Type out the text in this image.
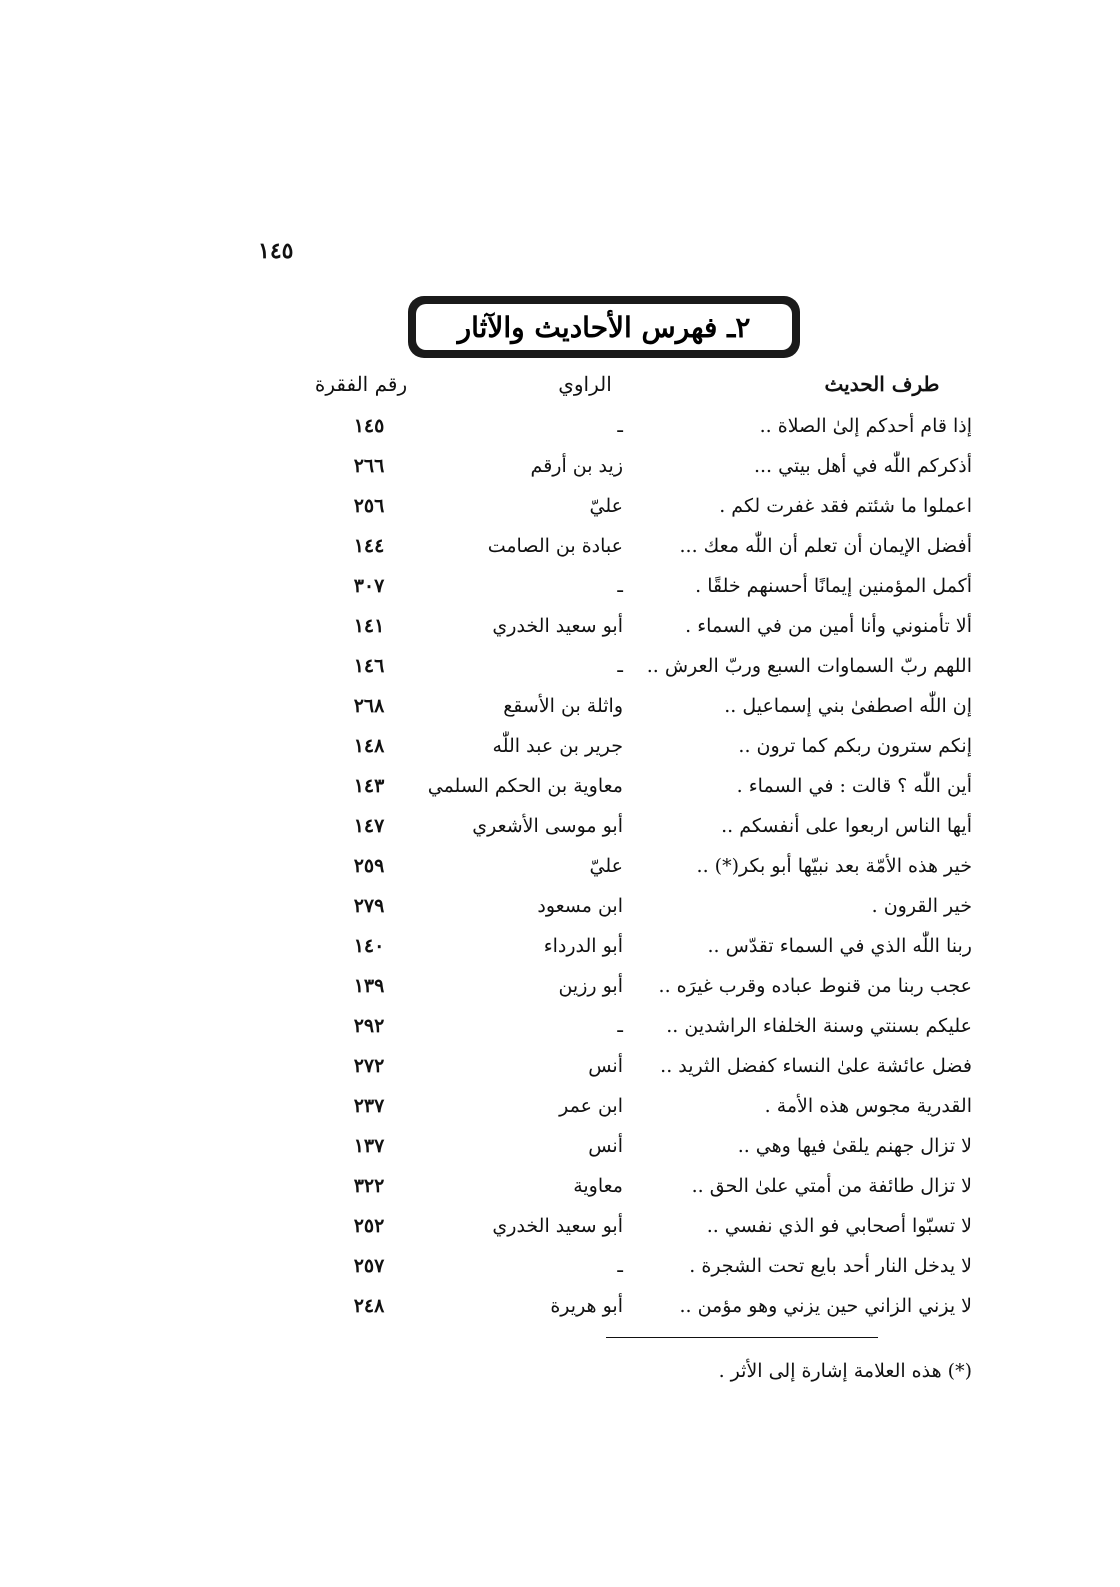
١٤٥
٢ـ فهرس الأحاديث والآثار
طرف الحديث
الراوي
رقم الفقرة
إذا قام أحدكم إلىٰ الصلاة ..
ـ
١٤٥
أذكركم اللّٰه في أهل بيتي ...
زيد بن أرقم
٢٦٦
اعملوا ما شئتم فقد غفرت لكم .
عليّ
٢٥٦
أفضل الإيمان أن تعلم أن اللّٰه معك ...
عبادة بن الصامت
١٤٤
أكمل المؤمنين إيمانًا أحسنهم خلقًا .
ـ
٣٠٧
ألا تأمنوني وأنا أمين من في السماء .
أبو سعيد الخدري
١٤١
اللهم ربّ السماوات السبع وربّ العرش ..
ـ
١٤٦
إن اللّٰه اصطفىٰ بني إسماعيل ..
واثلة بن الأسقع
٢٦٨
إنكم سترون ربكم كما ترون ..
جرير بن عبد اللّٰه
١٤٨
أين اللّٰه ؟ قالت : في السماء .
معاوية بن الحكم السلمي
١٤٣
أيها الناس اربعوا على أنفسكم ..
أبو موسى الأشعري
١٤٧
خير هذه الأمّة بعد نبيّها أبو بكر(*) ..
عليّ
٢٥٩
خير القرون .
ابن مسعود
٢٧٩
ربنا اللّٰه الذي في السماء تقدّس ..
أبو الدرداء
١٤٠
عجب ربنا من قنوط عباده وقرب غيرَه ..
أبو رزين
١٣٩
عليكم بسنتي وسنة الخلفاء الراشدين ..
ـ
٢٩٢
فضل عائشة علىٰ النساء كفضل الثريد ..
أنس
٢٧٢
القدرية مجوس هذه الأمة .
ابن عمر
٢٣٧
لا تزال جهنم يلقىٰ فيها وهي ..
أنس
١٣٧
لا تزال طائفة من أمتي علىٰ الحق ..
معاوية
٣٢٢
لا تسبّوا أصحابي فو الذي نفسي ..
أبو سعيد الخدري
٢٥٢
لا يدخل النار أحد بايع تحت الشجرة .
ـ
٢٥٧
لا يزني الزاني حين يزني وهو مؤمن ..
أبو هريرة
٢٤٨
(*) هذه العلامة إشارة إلى الأثر .
